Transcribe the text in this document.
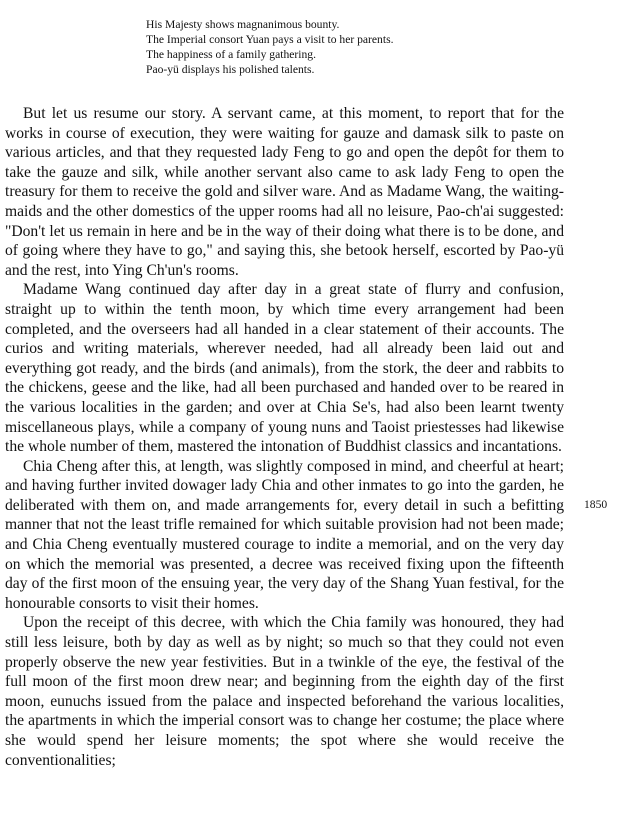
His Majesty shows magnanimous bounty.
The Imperial consort Yuan pays a visit to her parents.
The happiness of a family gathering.
Pao-yü displays his polished talents.

But let us resume our story. A servant came, at this moment, to report that for the works in course of execution, they were waiting for gauze and damask silk to paste on various articles, and that they requested lady Feng to go and open the depôt for them to take the gauze and silk, while another servant also came to ask lady Feng to open the treasury for them to receive the gold and silver ware. And as Madame Wang, the waiting-maids and the other domestics of the upper rooms had all no leisure, Pao-ch'ai suggested: "Don't let us remain in here and be in the way of their doing what there is to be done, and of going where they have to go," and saying this, she betook herself, escorted by Pao-yü and the rest, into Ying Ch'un's rooms.

Madame Wang continued day after day in a great state of flurry and confusion, straight up to within the tenth moon, by which time every arrangement had been completed, and the overseers had all handed in a clear statement of their accounts. The curios and writing materials, wherever needed, had all already been laid out and everything got ready, and the birds (and animals), from the stork, the deer and rabbits to the chickens, geese and the like, had all been purchased and handed over to be reared in the various localities in the garden; and over at Chia Se's, had also been learnt twenty miscellaneous plays, while a company of young nuns and Taoist priestesses had likewise the whole number of them, mastered the intonation of Buddhist classics and incantations.

Chia Cheng after this, at length, was slightly composed in mind, and cheerful at heart; and having further invited dowager lady Chia and other inmates to go into the garden, he deliberated with them on, and made arrangements for, every detail in such a befitting manner that not the least trifle remained for which suitable provision had not been made; and Chia Cheng eventually mustered courage to indite a memorial, and on the very day on which the memorial was presented, a decree was received fixing upon the fifteenth day of the first moon of the ensuing year, the very day of the Shang Yuan festival, for the honourable consorts to visit their homes.

Upon the receipt of this decree, with which the Chia family was honoured, they had still less leisure, both by day as well as by night; so much so that they could not even properly observe the new year festivities. But in a twinkle of the eye, the festival of the full moon of the first moon drew near; and beginning from the eighth day of the first moon, eunuchs issued from the palace and inspected beforehand the various localities, the apartments in which the imperial consort was to change her costume; the place where she would spend her leisure moments; the spot where she would receive the conventionalities;

1850
